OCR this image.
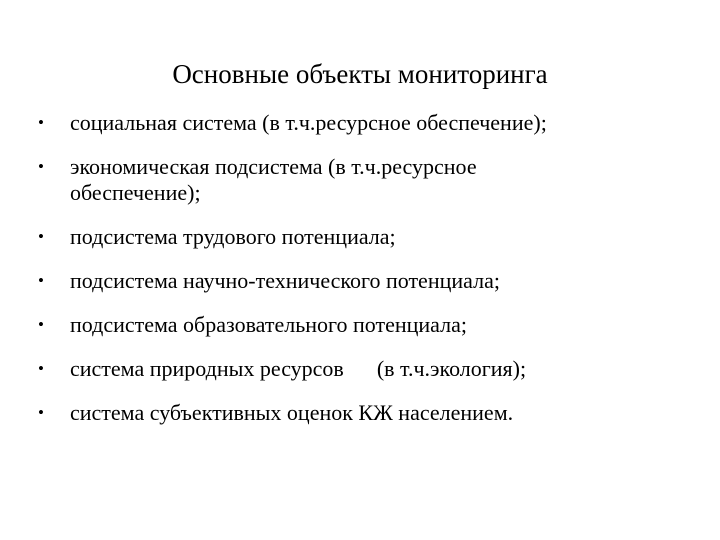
Основные объекты мониторинга
•	социальная система (в т.ч.ресурсное обеспечение);
•	экономическая подсистема (в т.ч.ресурсное
обеспечение);
•	подсистема трудового потенциала;
•	подсистема научно-технического потенциала;
•	подсистема образовательного потенциала;
•	система природных ресурсов      (в т.ч.экология);
•	система субъективных оценок КЖ населением.
